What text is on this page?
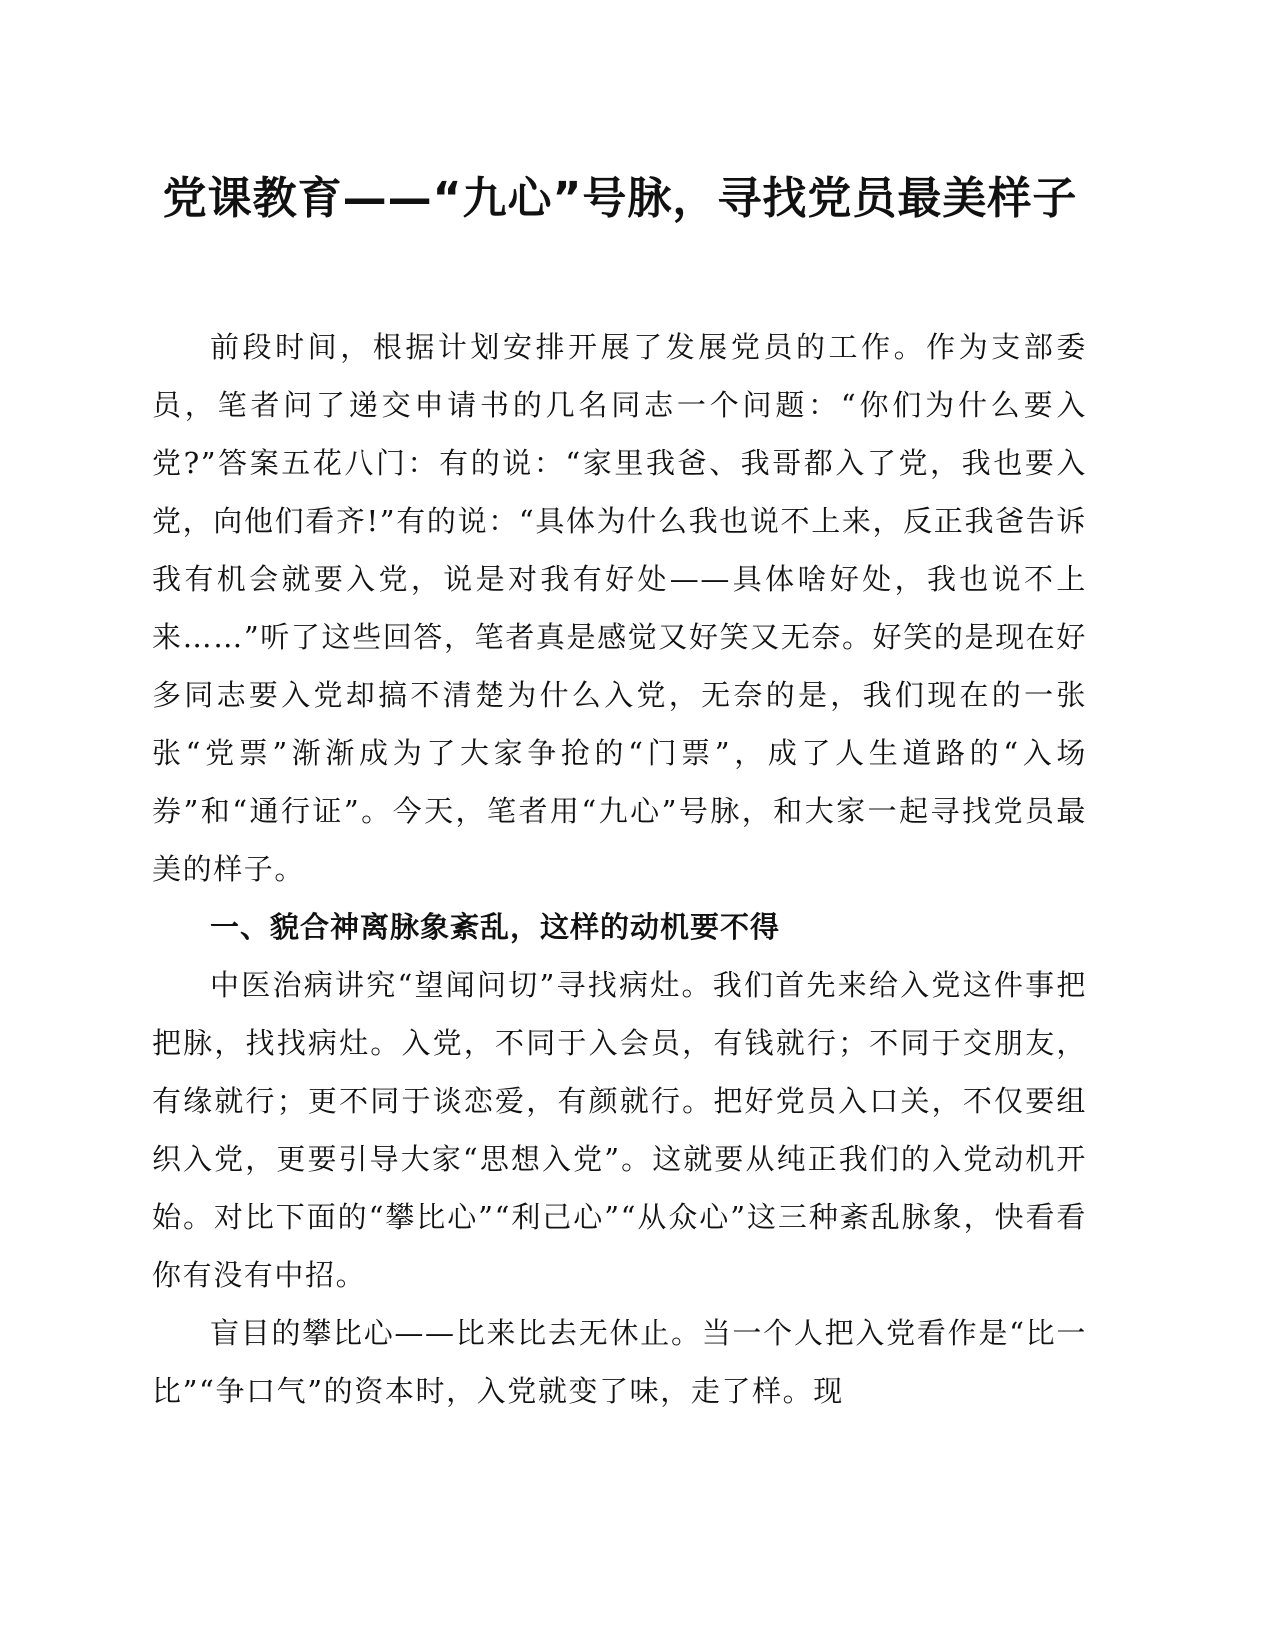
党课教育——“九心”号脉，寻找党员最美样子

前段时间，根据计划安排开展了发展党员的工作。作为支部委员，笔者问了递交申请书的几名同志一个问题：“你们为什么要入党?”答案五花八门：有的说：“家里我爸、我哥都入了党，我也要入党，向他们看齐!”有的说：“具体为什么我也说不上来，反正我爸告诉我有机会就要入党，说是对我有好处——具体啥好处，我也说不上来……”听了这些回答，笔者真是感觉又好笑又无奈。好笑的是现在好多同志要入党却搞不清楚为什么入党，无奈的是，我们现在的一张张“党票”渐渐成为了大家争抢的“门票”，成了人生道路的“入场券”和“通行证”。今天，笔者用“九心”号脉，和大家一起寻找党员最美的样子。

一、貌合神离脉象紊乱，这样的动机要不得

中医治病讲究“望闻问切”寻找病灶。我们首先来给入党这件事把把脉，找找病灶。入党，不同于入会员，有钱就行；不同于交朋友，有缘就行；更不同于谈恋爱，有颜就行。把好党员入口关，不仅要组织入党，更要引导大家“思想入党”。这就要从纯正我们的入党动机开始。对比下面的“攀比心”“利己心”“从众心”这三种紊乱脉象，快看看你有没有中招。

盲目的攀比心——比来比去无休止。当一个人把入党看作是“比一比”“争口气”的资本时，入党就变了味，走了样。现
